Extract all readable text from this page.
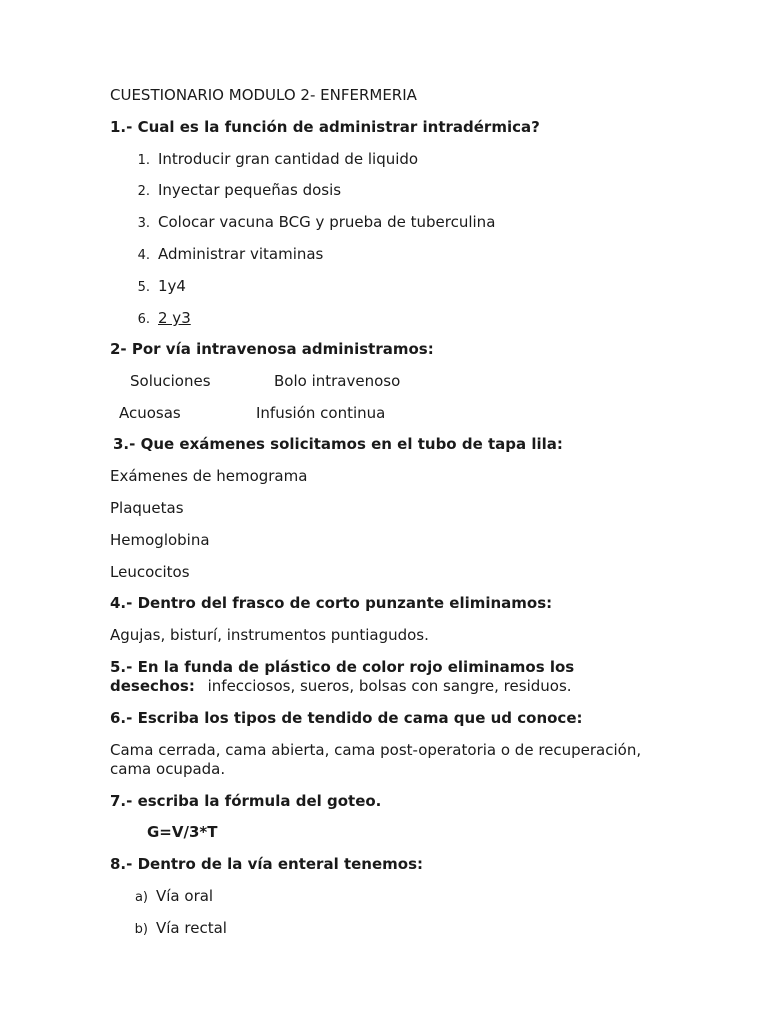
CUESTIONARIO MODULO 2- ENFERMERIA
1.- Cual es la función de administrar intradérmica?
1. Introducir gran cantidad de liquido
2. Inyectar pequeñas dosis
3. Colocar vacuna BCG y prueba de tuberculina
4. Administrar vitaminas
5. 1y4
6. 2 y3
2- Por vía intravenosa administramos:
Soluciones	Bolo intravenoso
Acuosas	Infusión continua
3.- Que exámenes solicitamos en el tubo de tapa lila:
Exámenes de hemograma
Plaquetas
Hemoglobina
Leucocitos
4.- Dentro del frasco de corto punzante eliminamos:
Agujas, bisturí, instrumentos puntiagudos.
5.- En la funda de plástico de color rojo eliminamos los
desechos: infecciosos, sueros, bolsas con sangre, residuos.
6.- Escriba los tipos de tendido de cama que ud conoce:
Cama cerrada, cama abierta, cama post-operatoria o de recuperación,
cama ocupada.
7.- escriba la fórmula del goteo.
G=V/3*T
8.- Dentro de la vía enteral tenemos:
a) Vía oral
b) Vía rectal
